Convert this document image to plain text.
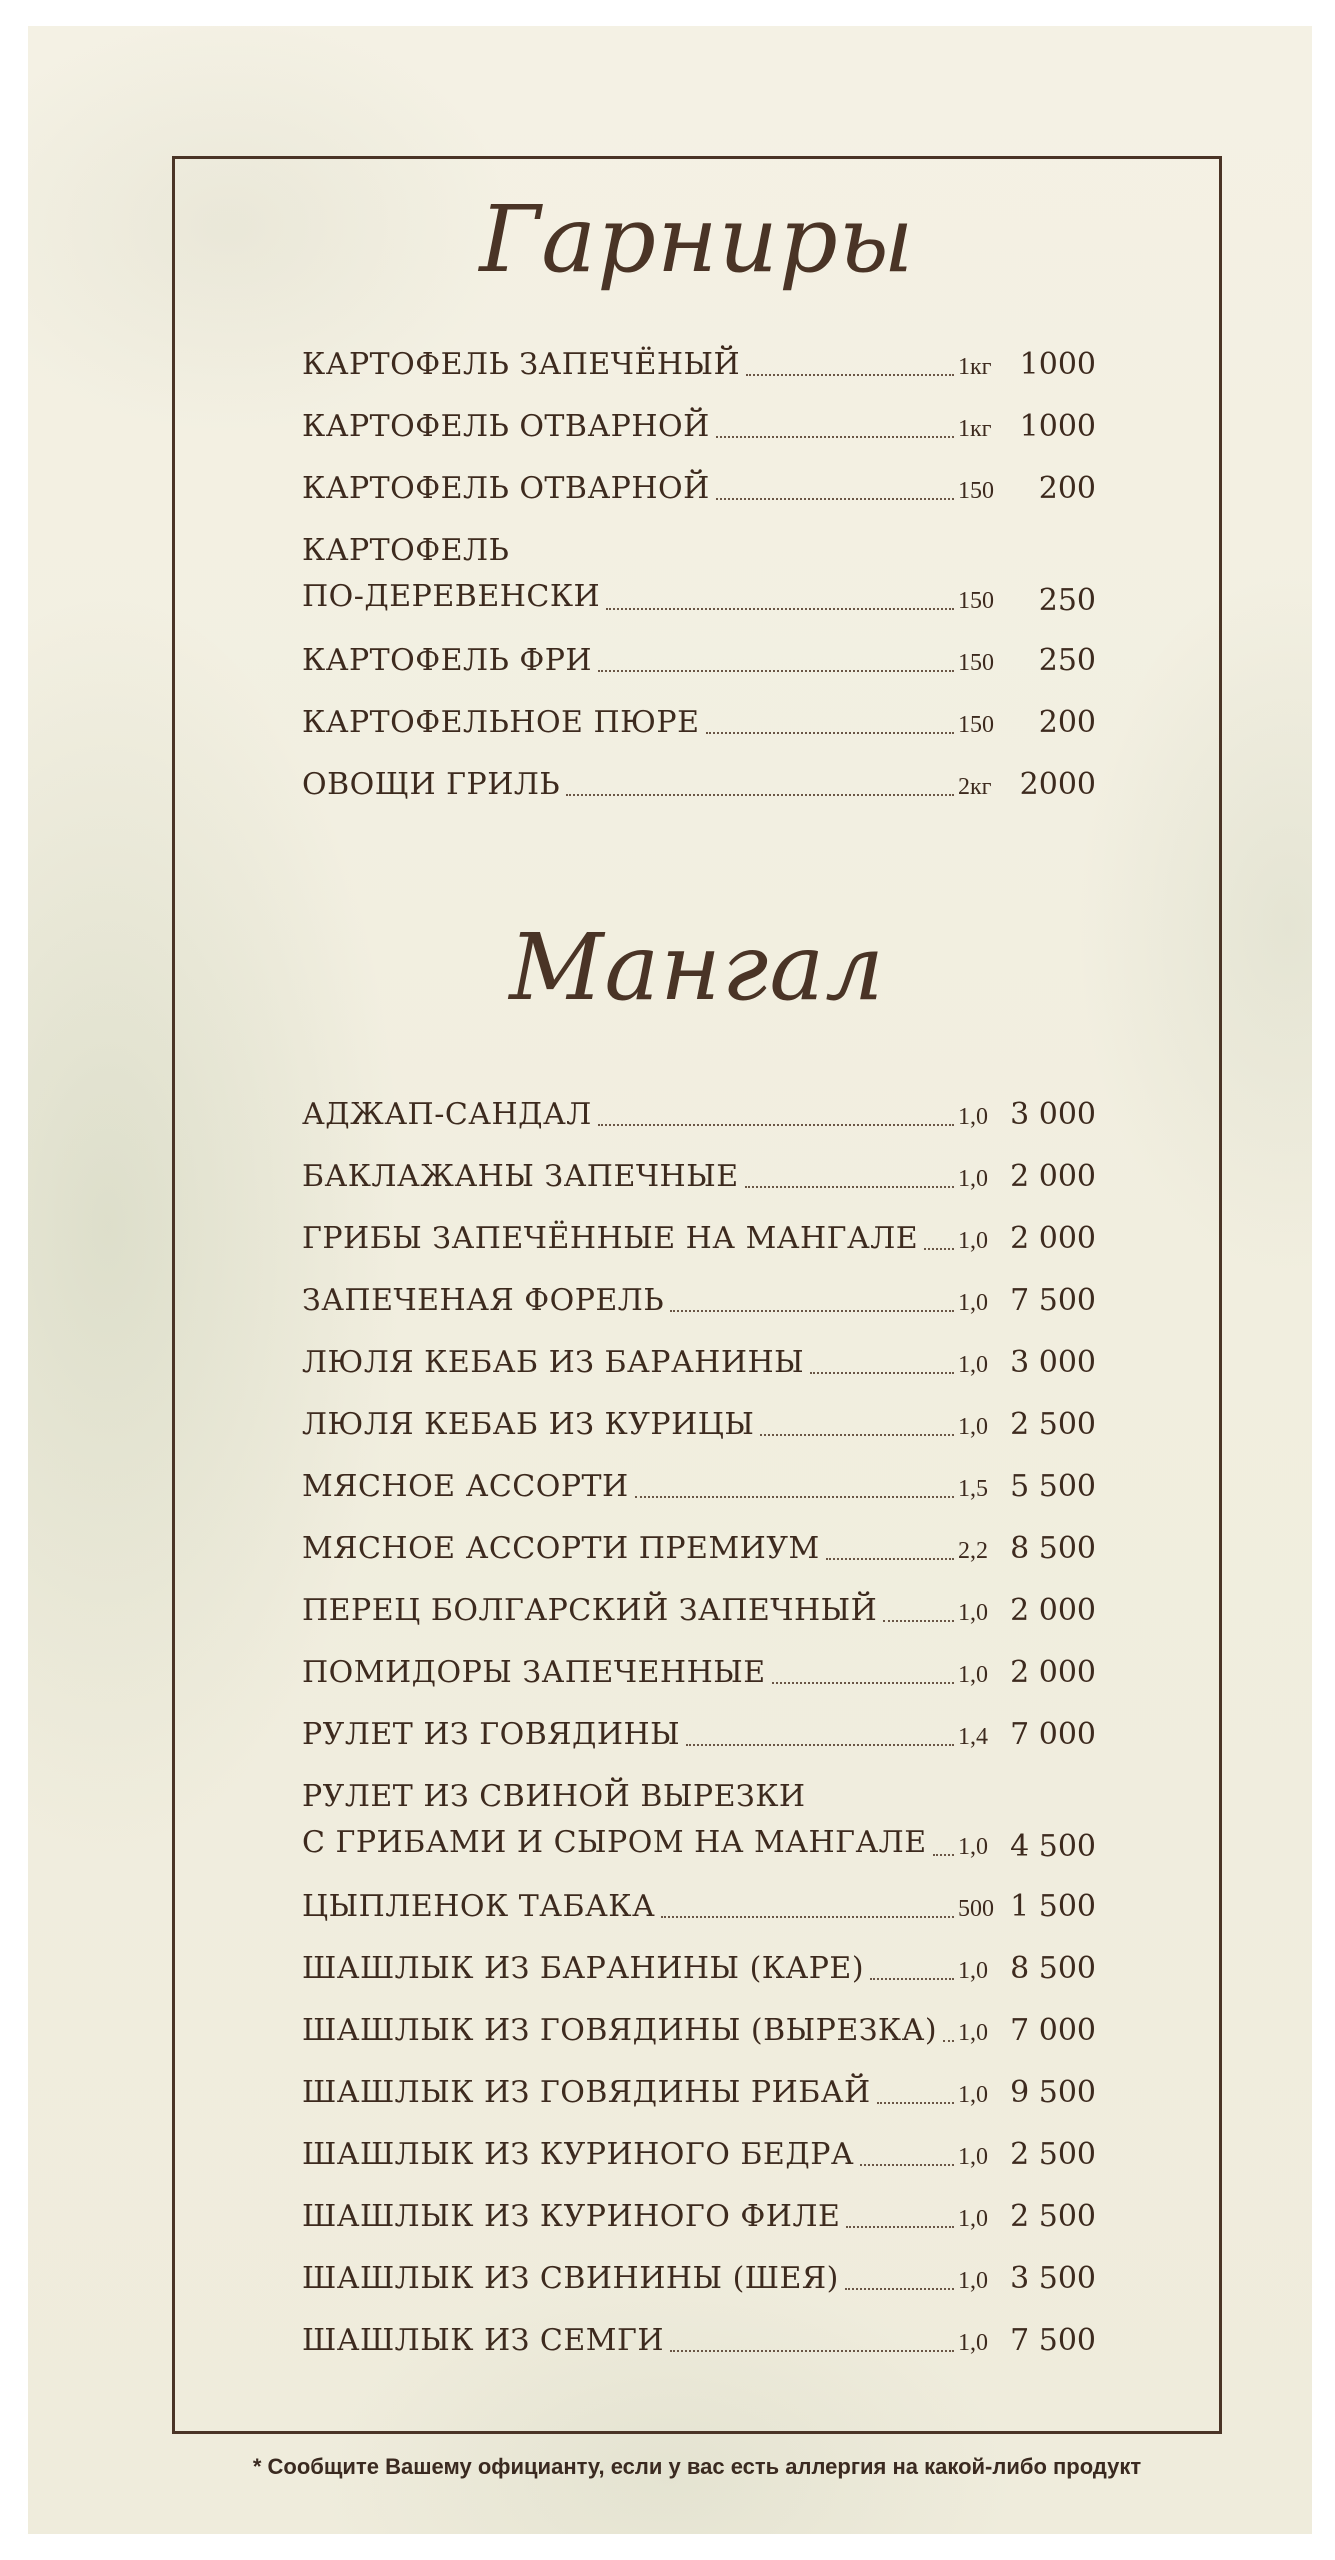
Гарниры
КАРТОФЕЛЬ ЗАПЕЧЁНЫЙ	1кг 1000
КАРТОФЕЛЬ ОТВАРНОЙ	1кг 1000
КАРТОФЕЛЬ ОТВАРНОЙ	150	200
КАРТОФЕЛЬ
ПО-ДЕРЕВЕНСКИ	150	250
КАРТОФЕЛЬ ФРИ	150	250
КАРТОФЕЛЬНОЕ ПЮРЕ	150	200
ОВОЩИ ГРИЛЬ	2кг 2000
Мангал
АДЖАП-САНДАЛ	1,0 3 000
БАКЛАЖАНЫ ЗАПЕЧНЫЕ	1,0 2 000
ГРИБЫ ЗАПЕЧЁННЫЕ НА МАНГАЛЕ 1,0 2 000
ЗАПЕЧЕНАЯ ФОРЕЛЬ	1,0 7 500
ЛЮЛЯ КЕБАБ ИЗ БАРАНИНЫ	1,0 3 000
ЛЮЛЯ КЕБАБ ИЗ КУРИЦЫ	1,0 2 500
МЯСНОЕ АССОРТИ	1,5 5 500
МЯСНОЕ АССОРТИ ПРЕМИУМ	2,2 8 500
ПЕРЕЦ БОЛГАРСКИЙ ЗАПЕЧНЫЙ	1,0 2 000
ПОМИДОРЫ ЗАПЕЧЕННЫЕ	1,0 2 000
РУЛЕТ ИЗ ГОВЯДИНЫ	1,4 7 000
РУЛЕТ ИЗ СВИНОЙ ВЫРЕЗКИ
С ГРИБАМИ И СЫРОМ НА МАНГАЛЕ 1,0 4 500
ЦЫПЛЕНОК ТАБАКА	500 1 500
ШАШЛЫК ИЗ БАРАНИНЫ (КАРЕ)	1,0 8 500
ШАШЛЫК ИЗ ГОВЯДИНЫ (ВЫРЕЗКА) 1,0 7 000
ШАШЛЫК ИЗ ГОВЯДИНЫ РИБАЙ	1,0 9 500
ШАШЛЫК ИЗ КУРИНОГО БЕДРА	1,0 2 500
ШАШЛЫК ИЗ КУРИНОГО ФИЛЕ	1,0 2 500
ШАШЛЫК ИЗ СВИНИНЫ (ШЕЯ)	1,0 3 500
ШАШЛЫК ИЗ СЕМГИ	1,0 7 500
* Сообщите Вашему официанту, если у вас есть аллергия на какой-либо продукт
